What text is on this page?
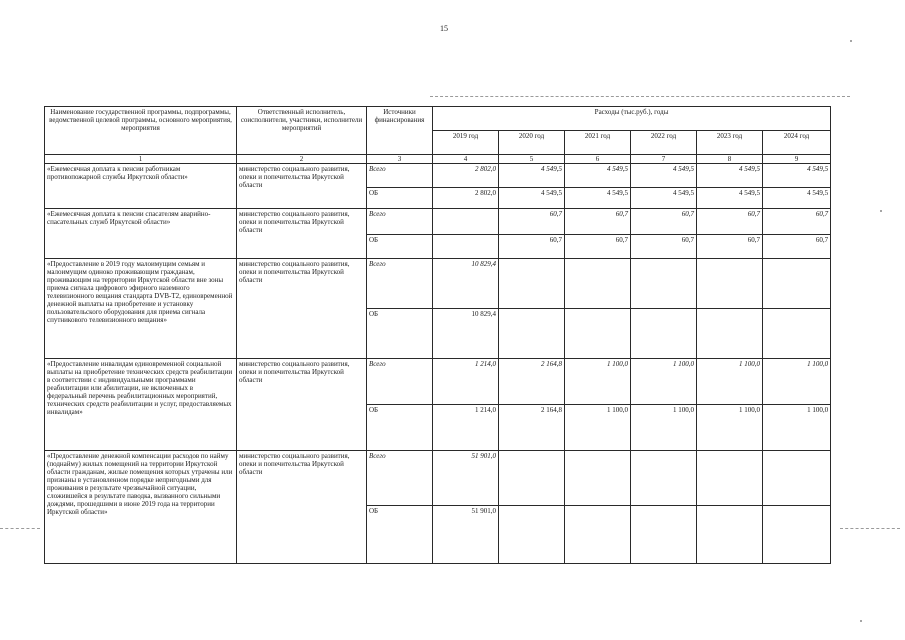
15
Наименование государственной программы, подпрограммы, ведомственной целевой программы, основного мероприятия, мероприятия	Ответственный исполнитель, соисполнители, участники, исполнители мероприятий	Источники финансирования	Расходы (тыс.руб.), годы					
			2019 год	2020 год	2021 год	2022 год	2023 год	2024 год
1	2	3	4	5	6	7	8	9
«Ежемесячная доплата к пенсии работникам противопожарной службы Иркутской области»	министерство социального развития, опеки и попечительства Иркутской области	Всего	2 802,0	4 549,5	4 549,5	4 549,5	4 549,5	4 549,5
		ОБ	2 802,0	4 549,5	4 549,5	4 549,5	4 549,5	4 549,5
«Ежемесячная доплата к пенсии спасателям аварийно-спасательных служб Иркутской области»	министерство социального развития, опеки и попечительства Иркутской области	Всего		60,7	60,7	60,7	60,7	60,7
		ОБ		60,7	60,7	60,7	60,7	60,7
«Предоставление в 2019 году малоимущим семьям и малоимущим одиноко проживающим гражданам, проживающим на территории Иркутской области вне зоны приема сигнала цифрового эфирного наземного телевизионного вещания стандарта DVB-T2, единовременной денежной выплаты на приобретение и установку пользовательского оборудования для приема сигнала спутникового телевизионного вещания»	министерство социального развития, опеки и попечительства Иркутской области	Всего	10 829,4					
		ОБ	10 829,4					
«Предоставление инвалидам единовременной социальной выплаты на приобретение технических средств реабилитации в соответствии с индивидуальными программами реабилитации или абилитации, не включенных в федеральный перечень реабилитационных мероприятий, технических средств реабилитации и услуг, предоставляемых инвалидам»	министерство социального развития, опеки и попечительства Иркутской области	Всего	1 214,0	2 164,8	1 100,0	1 100,0	1 100,0	1 100,0
		ОБ	1 214,0	2 164,8	1 100,0	1 100,0	1 100,0	1 100,0
«Предоставление денежной компенсации расходов по найму (поднайму) жилых помещений на территории Иркутской области гражданам, жилые помещения которых утрачены или признаны в установленном порядке непригодными для проживания в результате чрезвычайной ситуации, сложившейся в результате паводка, вызванного сильными дождями, прошедшими в июне 2019 года на территории Иркутской области»	министерство социального развития, опеки и попечительства Иркутской области	Всего	51 901,0					
		ОБ	51 901,0					
